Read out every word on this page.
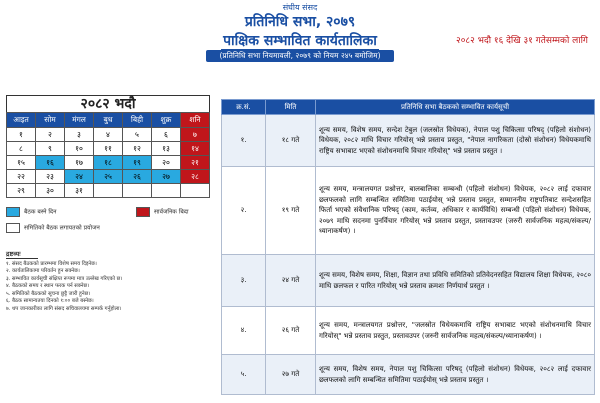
संघीय संसद
प्रतिनिधि सभा, २०७९
पाक्षिक सम्भावित कार्यतालिका	२०८२ भदौ १६ देखि ३१ गतेसम्मको लागि
(प्रतिनिधि सभा नियमावली, २०७९ को नियम २४५ बमोजिम)
२०८२ भदौ
आइत	सोम	मंगल	बुध	बिही	शुक्र	शनि
१	२	३	४	५	६	७
८	९	१०	११	१२	१३	१४
१५	१६	१७	१८	१९	२०	२१
२२	२३	२४	२५	२६	२७	२८
२९	३०	३१				
बैठक बस्ने दिन	सार्वजनिक बिदा
समितिको बैठक लगायतको प्रयोजन
द्रष्टव्यः
१. संसद बैठकको प्रारम्भमा विशेष समय दिइनेछ।
२. कार्यतालिकामा परिवर्तन हुन सक्नेछ।
३. सम्भावित कार्यसूची संक्षिप्त रूपमा मात्र उल्लेख गरिएको छ।
४. बैठकको समय र स्थान फरक पर्न सक्नेछ।
५. समितिको बैठकको सूचना छुट्टै जारी हुनेछ।
६. बैठक सामान्यतया दिनको १:०० बजे बस्नेछ।
७. थप जानकारीका लागि संसद सचिवालयमा सम्पर्क गर्नुहोला।
क्र.सं.	मिति	प्रतिनिधि सभा बैठकको सम्भावित कार्यसूची
१.	१८ गते	शून्य समय, विशेष समय, सन्देश टेबुल (जलस्रोत विधेयक), नेपाल पशु चिकित्सा परिषद् (पहिलो संशोधन) विधेयक, २०८२ माथि विचार गरियोस् भन्ने प्रस्ताव प्रस्तुत, "नेपाल नागरिकता (दोस्रो संशोधन) विधेयकमाथि राष्ट्रिय सभाबाट भएको संशोधनमाथि विचार गरियोस्" भन्ने प्रस्ताव प्रस्तुत ।
२.	१९ गते	शून्य समय, मन्त्रालयगत प्रश्नोत्तर, बालबालिका सम्बन्धी (पहिलो संशोधन) विधेयक, २०८२ लाई दफावार छलफलको लागि सम्बन्धित समितिमा पठाईयोस् भन्ने प्रस्ताव प्रस्तुत, सम्माननीय राष्ट्रपतिबाट सन्देशसहित फिर्ता भएको संवैधानिक परिषद् (काम, कर्तव्य, अधिकार र कार्यविधि) सम्बन्धी (पहिलो संशोधन) विधेयक, २०७९ माथि सदनमा पुनर्विचार गरियोस् भन्ने प्रस्ताव प्रस्तुत, प्रस्तावउपर (जरुरी सार्वजनिक महत्व/संकल्प/ध्यानाकर्षण) ।
३.	२४ गते	शून्य समय, विशेष समय, शिक्षा, विज्ञान तथा प्रविधि समितिको प्रतिवेदनसहित विद्यालय शिक्षा विधेयक, २०८० माथि छलफल र पारित गरियोस् भन्ने प्रस्ताव क्रमशः निर्णयार्थ प्रस्तुत ।
४.	२६ गते	शून्य समय, मन्त्रालयगत प्रश्नोत्तर, "जलस्रोत विधेयकमाथि राष्ट्रिय सभाबाट भएको संशोधनमाथि विचार गरियोस्" भन्ने प्रस्ताव प्रस्तुत, प्रस्तावउपर (जरुरी सार्वजनिक महत्व/संकल्प/ध्यानाकर्षण) ।
५.	२७ गते	शून्य समय, विशेष समय, नेपाल पशु चिकित्सा परिषद् (पहिलो संशोधन) विधेयक, २०८२ लाई दफावार छलफलको लागि सम्बन्धित समितिमा पठाईयोस् भन्ने प्रस्ताव प्रस्तुत ।
